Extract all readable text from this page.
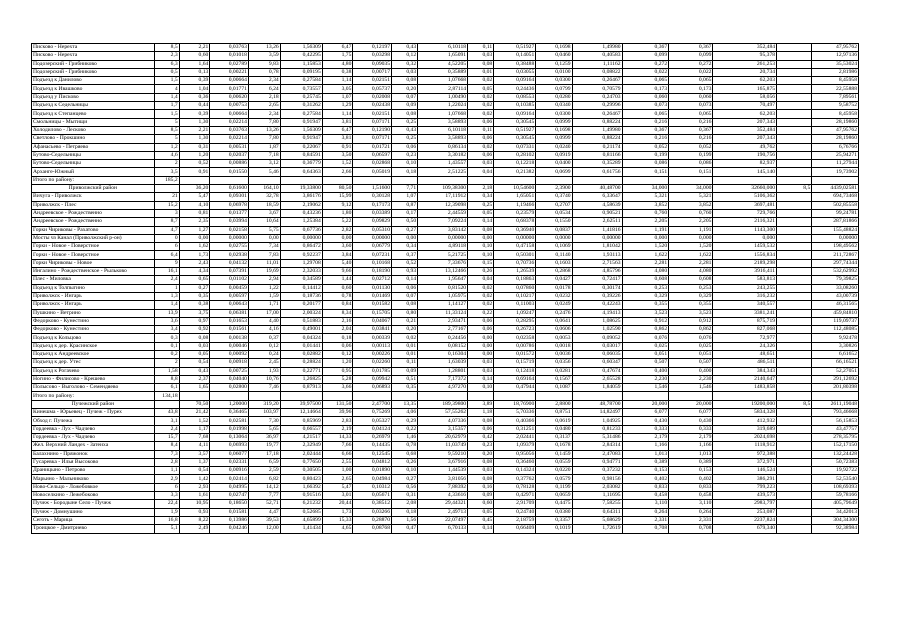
Пиcково - Нерехта	8,5	2,21	0,03763	13,26	1,56309	6,47	0,12197	0,43	6,10118	0,11	0,51927	0,1698	1,49980	0,367	0,367	352,484		47,95762
Пиcково - Нерехта	2,3	0,60	0,01018	3,59	0,42295	1,75	0,03298	0,12	1,65091	0,03	0,14051	0,0460	0,40583	0,099	0,099	95,378		12,97136
Подозерский - Грибниково	6,3	1,64	0,02789	9,83	1,15853	4,80	0,09035	0,32	4,52205	0,08	0,38488	0,1259	1,11162	0,272	0,272	261,253		35,53024
Подозерский - Грибниково	0,5	0,13	0,00221	0,78	0,09195	0,38	0,00717	0,03	0,35889	0,01	0,03055	0,0100	0,08822	0,022	0,022	20,734		2,81986
Подъезд к Данилово	1,5	0,39	0,00664	2,34	0,27584	1,14	0,02151	0,08	1,07668	0,02	0,09164	0,0300	0,26467	0,065	0,065	62,203		8,45958
Подъезд к Ивашково	4	1,04	0,01771	6,24	0,73557	3,05	0,05737	0,20	2,87114	0,05	0,24436	0,0799	0,70579	0,173	0,173	165,875		22,55888
Подъезд у Пиcково	1,4	0,36	0,00620	2,18	0,25745	1,07	0,02008	0,07	1,00490	0,02	0,08553	0,0280	0,24703	0,060	0,060	58,056		7,89561
Подъезд к Седельницы	1,7	0,44	0,00753	2,65	0,31262	1,29	0,02438	0,09	1,22024	0,02	0,10385	0,0340	0,29996	0,073	0,073	70,497		9,58752
Подъезд к Степанцево	1,5	0,39	0,00664	2,34	0,27584	1,14	0,02151	0,08	1,07668	0,02	0,09164	0,0300	0,26467	0,065	0,065	62,203		8,45958
Смольницы - Мытищи	5	1,30	0,02214	7,80	0,91947	3,81	0,07171	0,25	3,58893	0,06	0,30545	0,0999	0,88224	0,216	0,216	207,343		28,19860
Холодилово - Лесково	8,5	2,21	0,03763	13,26	1,56309	6,47	0,12190	0,43	6,10118	0,11	0,51927	0,1698	1,49980	0,367	0,367	352,484		47,95762
Светлово - Прокшино	5	1,30	0,02214	7,80	0,91947	3,81	0,07171	0,25	3,58893	0,06	0,30545	0,0999	0,88224	0,216	0,216	207,343		28,19860
Афанасьево - Петряево	1,2	0,31	0,00531	1,87	0,22067	0,91	0,01721	0,06	0,86134	0,02	0,07331	0,0240	0,21174	0,052	0,052	49,762		6,76766
Бутово-Седельницы	4,6	1,20	0,02037	7,18	0,84591	3,50	0,06597	0,23	3,30182	0,06	0,28102	0,0919	0,81166	0,199	0,199	190,756		25,94271
Бутово-Седельницы	2	0,52	0,00886	3,12	0,36779	1,52	0,02868	0,10	1,43557	0,03	0,12218	0,0400	0,35289	0,086	0,086	82,937		11,27944
Арханге-Южный	3,5	0,91	0,01550	5,46	0,64363	2,66	0,05019	0,18	2,51225	0,04	0,21382	0,0699	0,61756	0,151	0,151	145,140		19,73902
Итого по району:	185,2																	
Приволжский район		36,20	0,61600	164,10	19,33800	80,50	1,51600	7,71	109,38300	2,18	10,54600	2,3900	40,48700	34,000	34,000	32660,000	8,5	4439,02581
Вичуга - Приволжск	21	5,47	0,09301	32,78	3,86176	15,99	0,30128	1,07	17,11912	0,34	1,65051	0,3740	6,33647	5,321	5,321	5106,362		694,73468
Приволжск - Плес	15,2	4,10	0,06978	18,59	2,19062	9,12	0,17173	0,87	12,39098	0,25	1,19466	0,2707	4,58639	3,852	3,852	3697,481		502,85558
Андреевское - Рождественно	3	0,81	0,01377	3,67	0,43236	1,80	0,03389	0,17	2,44559	0,05	0,23579	0,0534	0,90521	0,760	0,760	729,766		99,24781
Андреевское - Рождественно	8,7	2,35	0,03994	10,64	1,25384	5,22	0,09829	0,50	7,09224	0,14	0,68378	0,1550	2,62511	2,205	2,205	2116,321		287,81866
Горки Чириковы - Рахатово	4,7	1,27	0,02158	5,75	0,67736	2,82	0,05310	0,27	3,83142	0,08	0,36940	0,0837	1,41816	1,191	1,191	1143,300		155,48824
Мосты чз Канал (Приволжский р-он)	0	0,00	0,00000	0,00	0,00000	0,00	0,00000	0,00	0,00000	0,00	0,00000	0,0000	0,00000	0,000	0,000	0,000		0,00000
Горки - Новое - Поверстное	6	1,62	0,02755	7,34	0,86472	3,60	0,06779	0,34	4,89118	0,10	0,47158	0,1069	1,81042	1,520	1,520	1459,532		198,49562
Горки - Новое - Поверстное	6,4	1,73	0,02938	7,83	0,92237	3,84	0,07231	0,37	5,21725	0,10	0,50301	0,1140	1,93113	1,622	1,622	1556,834		211,72867
Горки Чириковы - Новое	9	2,43	0,04132	11,01	1,29708	5,40	0,10168	0,52	7,33676	0,15	0,70736	0,1603	2,71563	2,281	2,281	2189,298		297,74344
Ингалино - Рождественское - Рыльково	16,1	4,34	0,07391	19,69	2,32033	9,66	0,18190	0,93	13,12466	0,26	1,26539	0,2868	4,85796	4,080	4,080	3916,411		532,62992
Плес - Миловка	2,4	0,65	0,01102	2,94	0,34589	1,44	0,02712	0,14	1,95647	0,04	0,18863	0,0427	0,72417	0,608	0,608	583,813		79,39825
Подъезд к Толпыгино	1	0,27	0,00459	1,22	0,14412	0,60	0,01130	0,06	0,81520	0,02	0,07860	0,0178	0,30174	0,253	0,253	243,255		33,08260
Приволжск - Ингарь	1,3	0,35	0,00597	1,59	0,18736	0,78	0,01469	0,07	1,05975	0,02	0,10217	0,0232	0,39226	0,329	0,329	316,232		43,00739
Приволжск - Ингарь	1,4	0,38	0,00643	1,71	0,20177	0,84	0,01582	0,08	1,14127	0,02	0,11003	0,0249	0,42243	0,355	0,355	340,557		46,31565
Пушкино - Ветрино	13,9	3,75	0,06381	17,00	2,00324	8,34	0,15705	0,80	11,33124	0,22	1,09247	0,2476	4,19413	3,523	3,523	3381,241		459,84810
Федорково - Кунестино	3,6	0,97	0,01653	4,40	0,51883	2,16	0,04067	0,21	2,93471	0,06	0,28295	0,0641	1,08625	0,912	0,912	875,719		119,09737
Федорково - Кунестино	3,4	0,92	0,01561	4,16	0,49001	2,04	0,03841	0,20	2,77167	0,06	0,26723	0,0606	1,02590	0,862	0,862	827,068		112,48085
Подъезд к Кольцово	0,3	0,08	0,00138	0,37	0,04324	0,18	0,00339	0,02	0,24456	0,00	0,02358	0,0053	0,09052	0,076	0,076	72,977		9,92478
Подъезд к дер. Красинское	0,1	0,03	0,00046	0,12	0,01441	0,06	0,00113	0,01	0,08152	0,00	0,00786	0,0018	0,03017	0,025	0,025	24,326		3,30826
Подъезд к Андреевское	0,2	0,05	0,00092	0,24	0,02882	0,12	0,00226	0,01	0,16304	0,00	0,01572	0,0036	0,06035	0,051	0,051	48,651		6,61652
Подъезд к дер. Утес	2	0,54	0,00918	2,45	0,28824	1,20	0,02260	0,11	1,63039	0,03	0,15719	0,0356	0,60347	0,507	0,507	486,511		66,16521
Подъезд к Рогачево	1,58	0,43	0,00725	1,93	0,22771	0,95	0,01785	0,09	1,28801	0,03	0,12418	0,0281	0,47674	0,400	0,400	384,343		52,27051
Ногино - Филисово - Крешево	8,8	2,37	0,04040	10,76	1,26825	5,28	0,09942	0,51	7,17372	0,14	0,69164	0,1567	2,65528	2,230	2,230	2140,647		291,12692
Полысово - Выголово - Семендяево	6,1	1,65	0,02800	7,46	0,87913	3,66	0,06893	0,35	4,97270	0,10	0,47944	0,1087	1,84059	1,546	1,546	1483,858		201,80398
Итого по району:	134,18																	
Пучежский район		70,50	1,20000	319,20	39,97500	131,50	2,47700	13,35	189,39800	3,89	18,76900	2,8800	48,78700	20,000	20,000	19200,000	8,5	2611,19048
Кинешма - Юрьевец - Пучеж - Пурех	43,8	21,42	0,36465	103,97	12,14664	39,96	0,75269	4,06	57,55262	1,18	5,70336	0,8751	14,82497	6,077	6,077	5834,328		793,46668
Обход г. Пучежа	3,1	1,52	0,02581	7,30	0,85969	2,83	0,05327	0,29	4,07336	0,08	0,40366	0,0619	1,04925	0,430	0,430	412,932		56,15853
Гордеевка - Лух - Чадчево	2,4	1,17	0,01998	5,65	0,66557	2,19	0,04124	0,22	3,15357	0,06	0,31251	0,0480	0,81233	0,333	0,333	319,689		43,47757
Гордеевка - Лух - Чадчево	15,7	7,68	0,13064	36,97	4,21517	14,33	0,26979	1,46	20,62979	0,42	2,02441	0,3137	5,31486	2,179	2,179	2024,698		278,35795
Жел. Верхний Ландех - Затеиха	8,4	4,11	0,06993	19,77	2,32949	7,66	0,14435	0,78	11,03749	0,23	1,09379	0,1678	2,84314	1,166	1,166	1118,912		152,17150
Балахнино - Пряжонок	7,3	3,57	0,06077	17,18	2,02444	6,66	0,12545	0,68	9,59210	0,20	0,95056	0,1459	2,47083	1,013	1,013	972,388		132,24428
Гусаревка - Илья Высоково	2,8	1,37	0,02331	6,59	0,77650	2,55	0,04812	0,26	3,67916	0,08	0,36460	0,0559	0,94771	0,389	0,389	372,971		50,72383
Драницыно - Петрово	1,1	0,54	0,00916	2,59	0,30505	1,00	0,01890	0,10	1,44539	0,03	0,14324	0,0220	0,37232	0,153	0,153	146,524		19,92722
Марьино - Мальниково	2,9	1,42	0,02414	6,82	0,80423	2,65	0,04984	0,27	3,81056	0,08	0,37762	0,0579	0,98156	0,402	0,402	386,291		52,53540
Ново-Сельцо - Ложебовкое	6	2,93	0,04995	14,12	1,66392	5,47	0,10312	0,56	7,88392	0,16	0,78128	0,1199	2,03082	0,833	0,833	799,223		108,69393
Новоселкино - Лежебоково	3,3	1,61	0,02747	7,77	0,91516	3,01	0,05671	0,31	4,33616	0,09	0,42971	0,0659	1,11695	0,458	0,458	439,573		59,78166
Пучеж - Бородыне Село - Пучеж	22,4	10,95	0,18650	52,71	6,21232	20,44	0,38512	2,08	29,44321	0,60	2,91709	0,4475	7,58255	3,110	3,110	2983,797		405,79649
Пучеж - Домнушино	1,9	0,93	0,01581	4,47	0,52685	1,73	0,03266	0,18	2,49713	0,05	0,24740	0,0380	0,64311	0,264	0,264	253,087		34,42013
Сеготь - Марица	16,8	8,22	0,13986	39,53	4,65899	15,33	0,28870	1,56	22,07497	0,45	2,18759	0,3357	5,68629	2,331	2,331	2237,824		304,34300
Троицкое - Дмитриево	5,1	2,49	0,04246	12,00	1,41434	4,65	0,08768	0,47	6,70133	0,14	0,66409	0,1019	1,72619	0,708	0,708	679,340		92,38984
